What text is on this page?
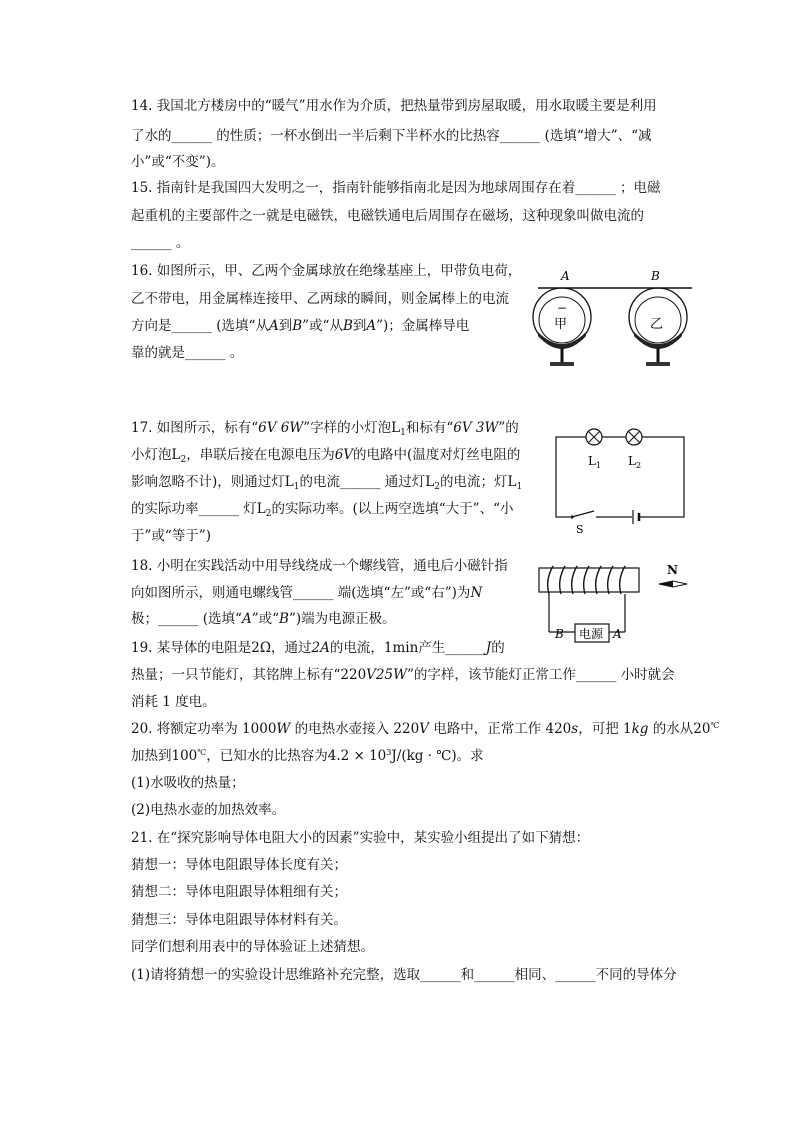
14. 我国北方楼房中的“暖气”用水作为介质，把热量带到房屋取暖，用水取暖主要是利用
了水的______ 的性质；一杯水倒出一半后剩下半杯水的比热容______ (选填“增大”、“减
小”或“不变”)。
15. 指南针是我国四大发明之一，指南针能够指南北是因为地球周围存在着______ ；电磁
起重机的主要部件之一就是电磁铁，电磁铁通电后周围存在磁场，这种现象叫做电流的
______ 。
16. 如图所示，甲、乙两个金属球放在绝缘基座上，甲带负电荷，
乙不带电，用金属棒连接甲、乙两球的瞬间，则金属棒上的电流
方向是______ (选填“从A到B”或“从B到A”)；金属棒导电
靠的就是______ 。
A	B
−
甲	乙
17. 如图所示，标有“6V 6W”字样的小灯泡$L_1$和标有“6V 3W”的
小灯泡$L_2$，串联后接在电源电压为6V的电路中(温度对灯丝电阻的
影响忽略不计)，则通过灯$L_1$的电流______ 通过灯$L_2$的电流；灯$L_1$
的实际功率______ 灯$L_2$的实际功率。(以上两空选填“大于”、“小
于”或“等于”)
$L_1$ $L_2$
S
18. 小明在实践活动中用导线绕成一个螺线管，通电后小磁针指
向如图所示，则通电螺线管______ 端(选填“左”或“右”)为N
极；______ (选填“A”或“B”)端为电源正极。
电源
B	A
N
19. 某导体的电阻是2Ω，通过2A的电流，1min产生______J的
热量；一只节能灯，其铭牌上标有“220V25W”的字样，该节能灯正常工作______ 小时就会
消耗 1 度电。
20. 将额定功率为 1000W 的电热水壶接入 220V 电路中，正常工作 420s，可把 1kg 的水从20℃
加热到100℃，已知水的比热容为$4.2 \times 10^3J/(kg$ · ℃)。求
(1)水吸收的热量；
(2)电热水壶的加热效率。
21. 在“探究影响导体电阻大小的因素”实验中，某实验小组提出了如下猜想：
猜想一：导体电阻跟导体长度有关；
猜想二：导体电阻跟导体粗细有关；
猜想三：导体电阻跟导体材料有关。
同学们想利用表中的导体验证上述猜想。
(1)请将猜想一的实验设计思维路补充完整，选取______和______相同、______不同的导体分
